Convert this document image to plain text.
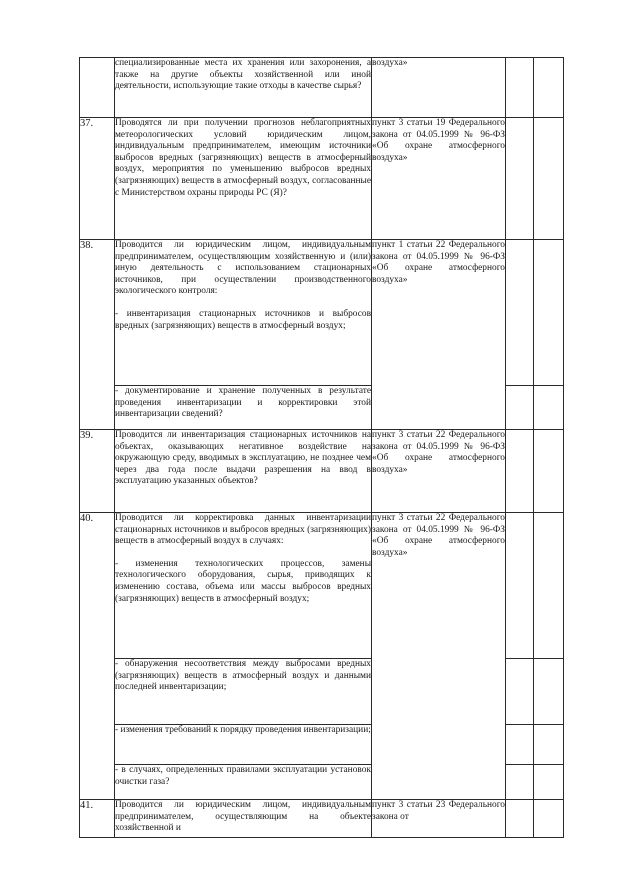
	специализированные места их хранения или захоронения, а также на другие объекты хозяйственной или иной деятельности, использующие такие отходы в качестве сырья?	воздуха»		
37.	Проводятся ли при получении прогнозов неблагоприятных метеорологических условий юридическим лицом, индивидуальным предпринимателем, имеющим источники выбросов вредных (загрязняющих) веществ в атмосферный воздух, мероприятия по уменьшению выбросов вредных (загрязняющих) веществ в атмосферный воздух, согласованные с Министерством охраны природы РС (Я)?	пункт 3 статьи 19 Федерального закона от 04.05.1999 № 96-ФЗ «Об охране атмосферного воздуха»		
38.	Проводится ли юридическим лицом, индивидуальным предпринимателем, осуществляющим хозяйственную и (или) иную деятельность с использованием стационарных источников, при осуществлении производственного экологического контроля:
- инвентаризация стационарных источников и выбросов вредных (загрязняющих) веществ в атмосферный воздух;	пункт 1 статьи 22 Федерального закона от 04.05.1999 № 96-ФЗ «Об охране атмосферного воздуха»		
	- документирование и хранение полученных в результате проведения инвентаризации и корректировки этой инвентаризации сведений?			
39.	Проводится ли инвентаризация стационарных источников на объектах, оказывающих негативное воздействие на окружающую среду, вводимых в эксплуатацию, не позднее чем через два года после выдачи разрешения на ввод в эксплуатацию указанных объектов?	пункт 3 статьи 22 Федерального закона от 04.05.1999 № 96-ФЗ «Об охране атмосферного воздуха»		
40.	Проводится ли корректировка данных инвентаризации стационарных источников и выбросов вредных (загрязняющих) веществ в атмосферный воздух в случаях:
- изменения технологических процессов, замены технологического оборудования, сырья, приводящих к изменению состава, объема или массы выбросов вредных (загрязняющих) веществ в атмосферный воздух;	пункт 3 статьи 22 Федерального закона от 04.05.1999 № 96-ФЗ «Об охране атмосферного воздуха»		
	- обнаружения несоответствия между выбросами вредных (загрязняющих) веществ в атмосферный воздух и данными последней инвентаризации;			
	- изменения требований к порядку проведения инвентаризации;			
	- в случаях, определенных правилами эксплуатации установок очистки газа?			
41.	Проводится ли юридическим лицом, индивидуальным предпринимателем, осуществляющим на объекте хозяйственной и	пункт 3 статьи 23 Федерального закона от		
